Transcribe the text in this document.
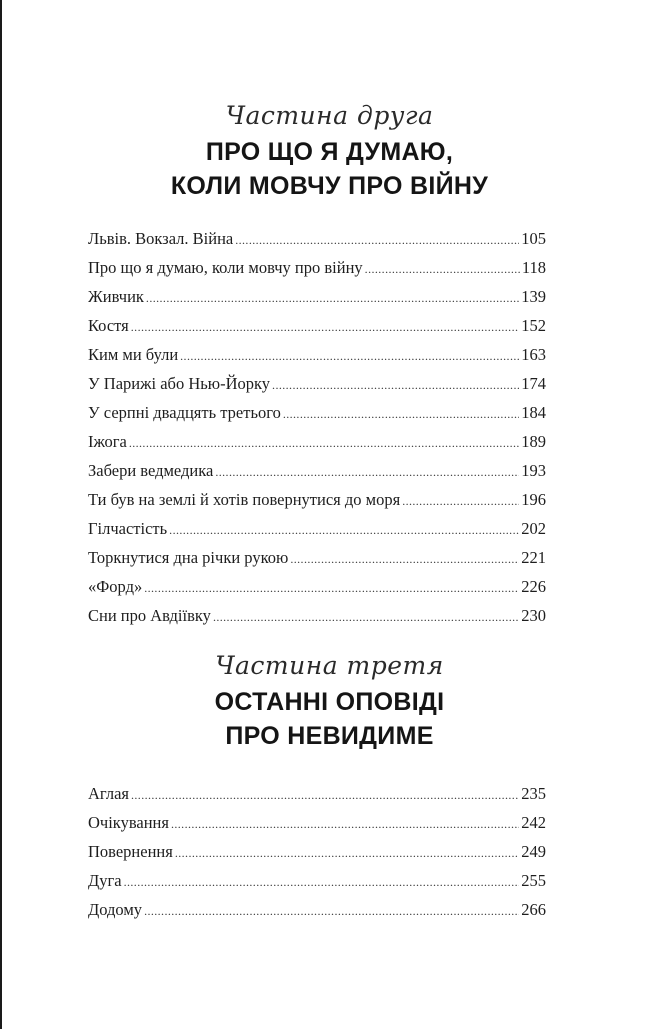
Частина друга
ПРО ЩО Я ДУМАЮ,
КОЛИ МОВЧУ ПРО ВІЙНУ
Львів. Вокзал. Війна .....	105
Про що я думаю, коли мовчу про війну .....	118
Живчик .....	139
Костя .....	152
Ким ми були .....	163
У Парижі або Нью-Йорку .....	174
У серпні двадцять третього .....	184
Іжога .....	189
Забери ведмедика .....	193
Ти був на землі й хотів повернутися до моря .....	196
Гілчастість .....	202
Торкнутися дна річки рукою .....	221
«Форд» .....	226
Сни про Авдіївку .....	230
Частина третя
ОСТАННІ ОПОВІДІ
ПРО НЕВИДИМЕ
Аглая .....	235
Очікування .....	242
Повернення .....	249
Дуга .....	255
Додому .....	266
